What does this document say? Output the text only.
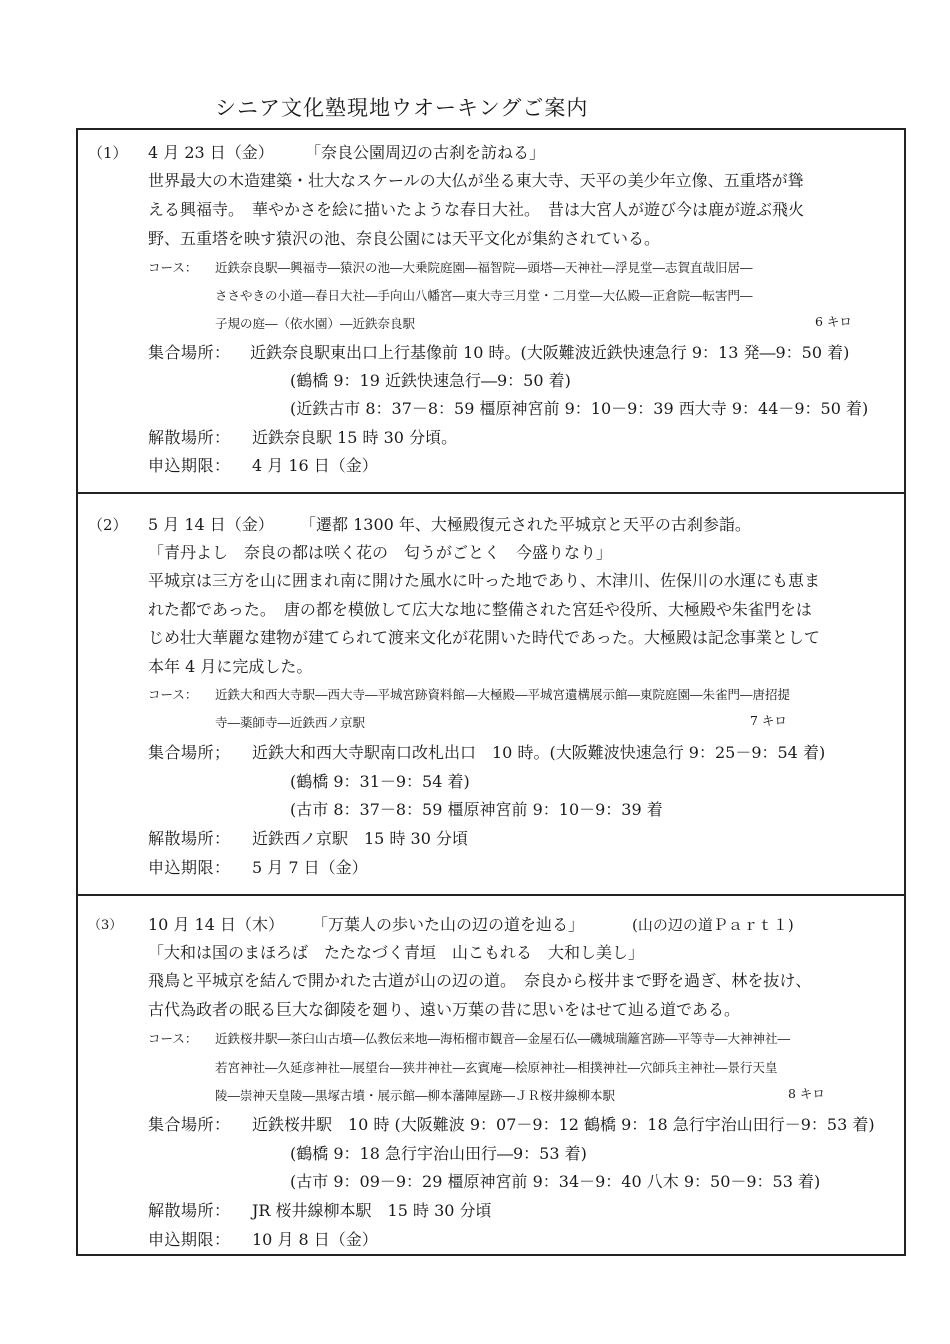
シニア文化塾現地ウオーキングご案内
（1） 4 月 23 日（金） 「奈良公園周辺の古刹を訪ねる」
世界最大の木造建築・壮大なスケールの大仏が坐る東大寺、天平の美少年立像、五重塔が聳
える興福寺。　華やかさを絵に描いたような春日大社。　昔は大宮人が遊び今は鹿が遊ぶ飛火
野、五重塔を映す猿沢の池、奈良公園には天平文化が集約されている。
コース： 近鉄奈良駅―興福寺―猿沢の池―大乗院庭園―福智院―頭塔―天神社―浮見堂―志賀直哉旧居―
ささやきの小道―春日大社―手向山八幡宮―東大寺三月堂・二月堂―大仏殿―正倉院―転害門―
子規の庭―（依水園）―近鉄奈良駅	6 キロ
集合場所： 近鉄奈良駅東出口上行基像前 10 時。(大阪難波近鉄快速急行 9：13 発―9：50 着)
(鶴橋 9：19 近鉄快速急行―9：50 着)
(近鉄古市 8：37－8：59 橿原神宮前 9：10－9：39 西大寺 9：44－9：50 着)
解散場所： 近鉄奈良駅 15 時 30 分頃。
申込期限： 4 月 16 日（金）
（2） 5 月 14 日（金） 「遷都 1300 年、大極殿復元された平城京と天平の古刹参詣。
「青丹よし　奈良の都は咲く花の　匂うがごとく　今盛りなり」
平城京は三方を山に囲まれ南に開けた風水に叶った地であり、木津川、佐保川の水運にも恵ま
れた都であった。　唐の都を模倣して広大な地に整備された宮廷や役所、大極殿や朱雀門をは
じめ壮大華麗な建物が建てられて渡来文化が花開いた時代であった。大極殿は記念事業として
本年 4 月に完成した。
コース： 近鉄大和西大寺駅―西大寺―平城宮跡資料館―大極殿―平城宮遺構展示館―東院庭園―朱雀門―唐招提
寺―薬師寺―近鉄西ノ京駅	7 キロ
集合場所； 近鉄大和西大寺駅南口改札出口　10 時。(大阪難波快速急行 9：25－9：54 着)
(鶴橋 9：31－9：54 着)
(古市 8：37－8：59 橿原神宮前 9：10－9：39 着
解散場所： 近鉄西ノ京駅　15 時 30 分頃
申込期限： 5 月 7 日（金）
（3） 10 月 14 日（木） 「万葉人の歩いた山の辺の道を辿る」	(山の辺の道Ｐａｒｔ１)
「大和は国のまほろば　たたなづく青垣　山こもれる　大和し美し」
飛鳥と平城京を結んで開かれた古道が山の辺の道。　奈良から桜井まで野を過ぎ、林を抜け、
古代為政者の眠る巨大な御陵を廻り、遠い万葉の昔に思いをはせて辿る道である。
コース： 近鉄桜井駅―茶臼山古墳―仏教伝来地―海柘榴市観音―金屋石仏―磯城瑞籬宮跡―平等寺―大神神社―
若宮神社―久延彦神社―展望台―狭井神社―玄賓庵―桧原神社―相撲神社―穴師兵主神社―景行天皇
陵―崇神天皇陵―黒塚古墳・展示館―柳本藩陣屋跡―ＪＲ桜井線柳本駅	8 キロ
集合場所： 近鉄桜井駅　10 時 (大阪難波 9：07－9：12 鶴橋 9：18 急行宇治山田行－9：53 着)
(鶴橋 9：18 急行宇治山田行―9：53 着)
(古市 9：09－9：29 橿原神宮前 9：34－9：40 八木 9：50－9：53 着)
解散場所： JR 桜井線柳本駅　15 時 30 分頃
申込期限： 10 月 8 日（金）
